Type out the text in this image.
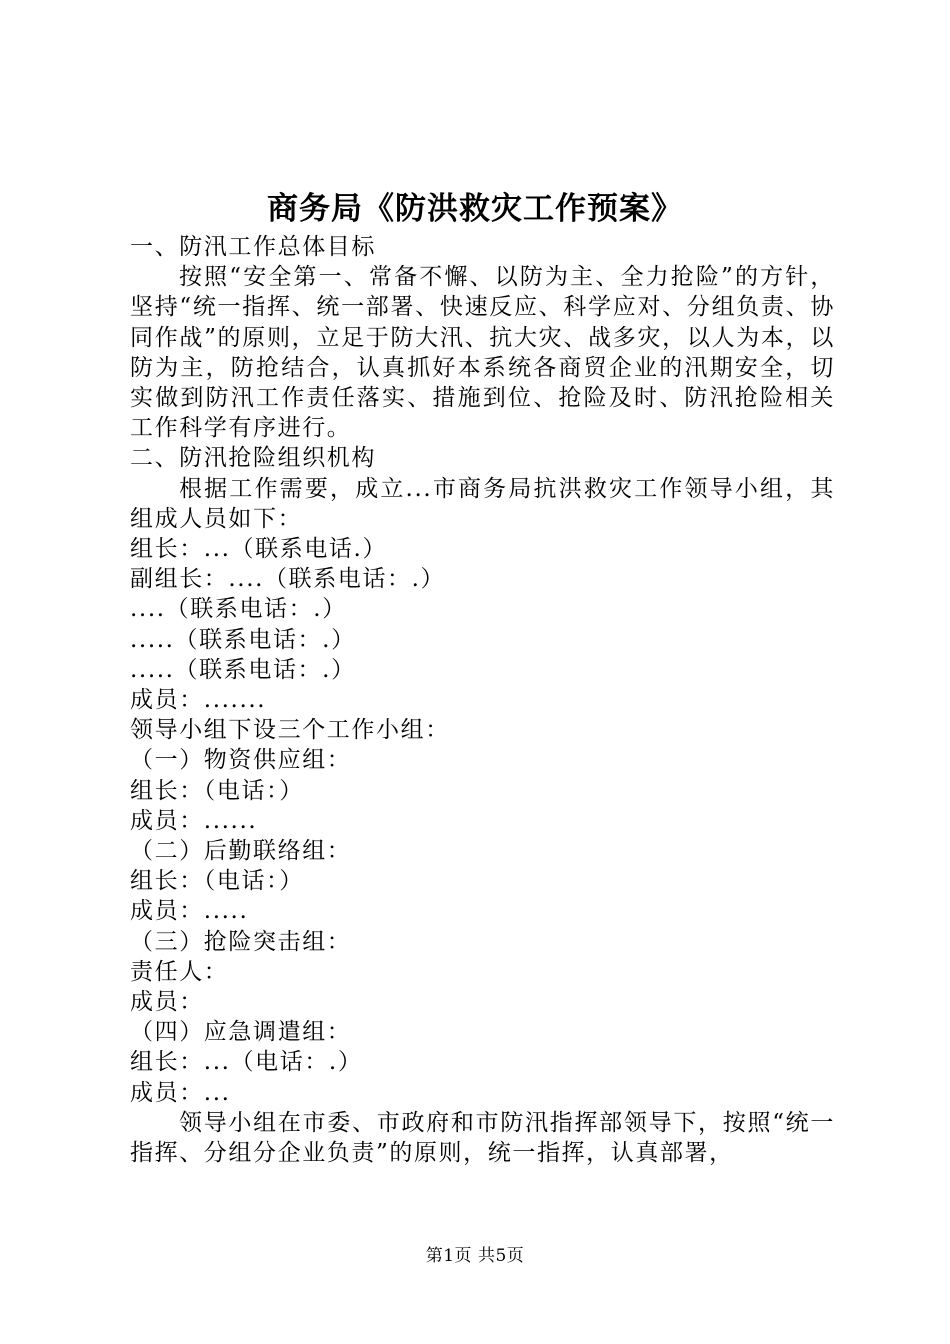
商务局《防洪救灾工作预案》

一、防汛工作总体目标

按照“安全第一、常备不懈、以防为主、全力抢险”的方针，坚持“统一指挥、统一部署、快速反应、科学应对、分组负责、协同作战”的原则，立足于防大汛、抗大灾、战多灾，以人为本，以防为主，防抢结合，认真抓好本系统各商贸企业的汛期安全，切实做到防汛工作责任落实、措施到位、抢险及时、防汛抢险相关工作科学有序进行。

二、防汛抢险组织机构

根据工作需要，成立...市商务局抗洪救灾工作领导小组，其组成人员如下：

组长：...（联系电话.）

副组长：....（联系电话：.）

....（联系电话：.）

.....（联系电话：.）

.....（联系电话：.）

成员：.......

领导小组下设三个工作小组：

（一）物资供应组：

组长：（电话：）

成员：......

（二）后勤联络组：

组长：（电话：）

成员：.....

（三）抢险突击组：

责任人：

成员：

（四）应急调遣组：

组长：...（电话：.）

成员：...

领导小组在市委、市政府和市防汛指挥部领导下，按照“统一指挥、分组分企业负责”的原则，统一指挥，认真部署，

第1页 共5页
